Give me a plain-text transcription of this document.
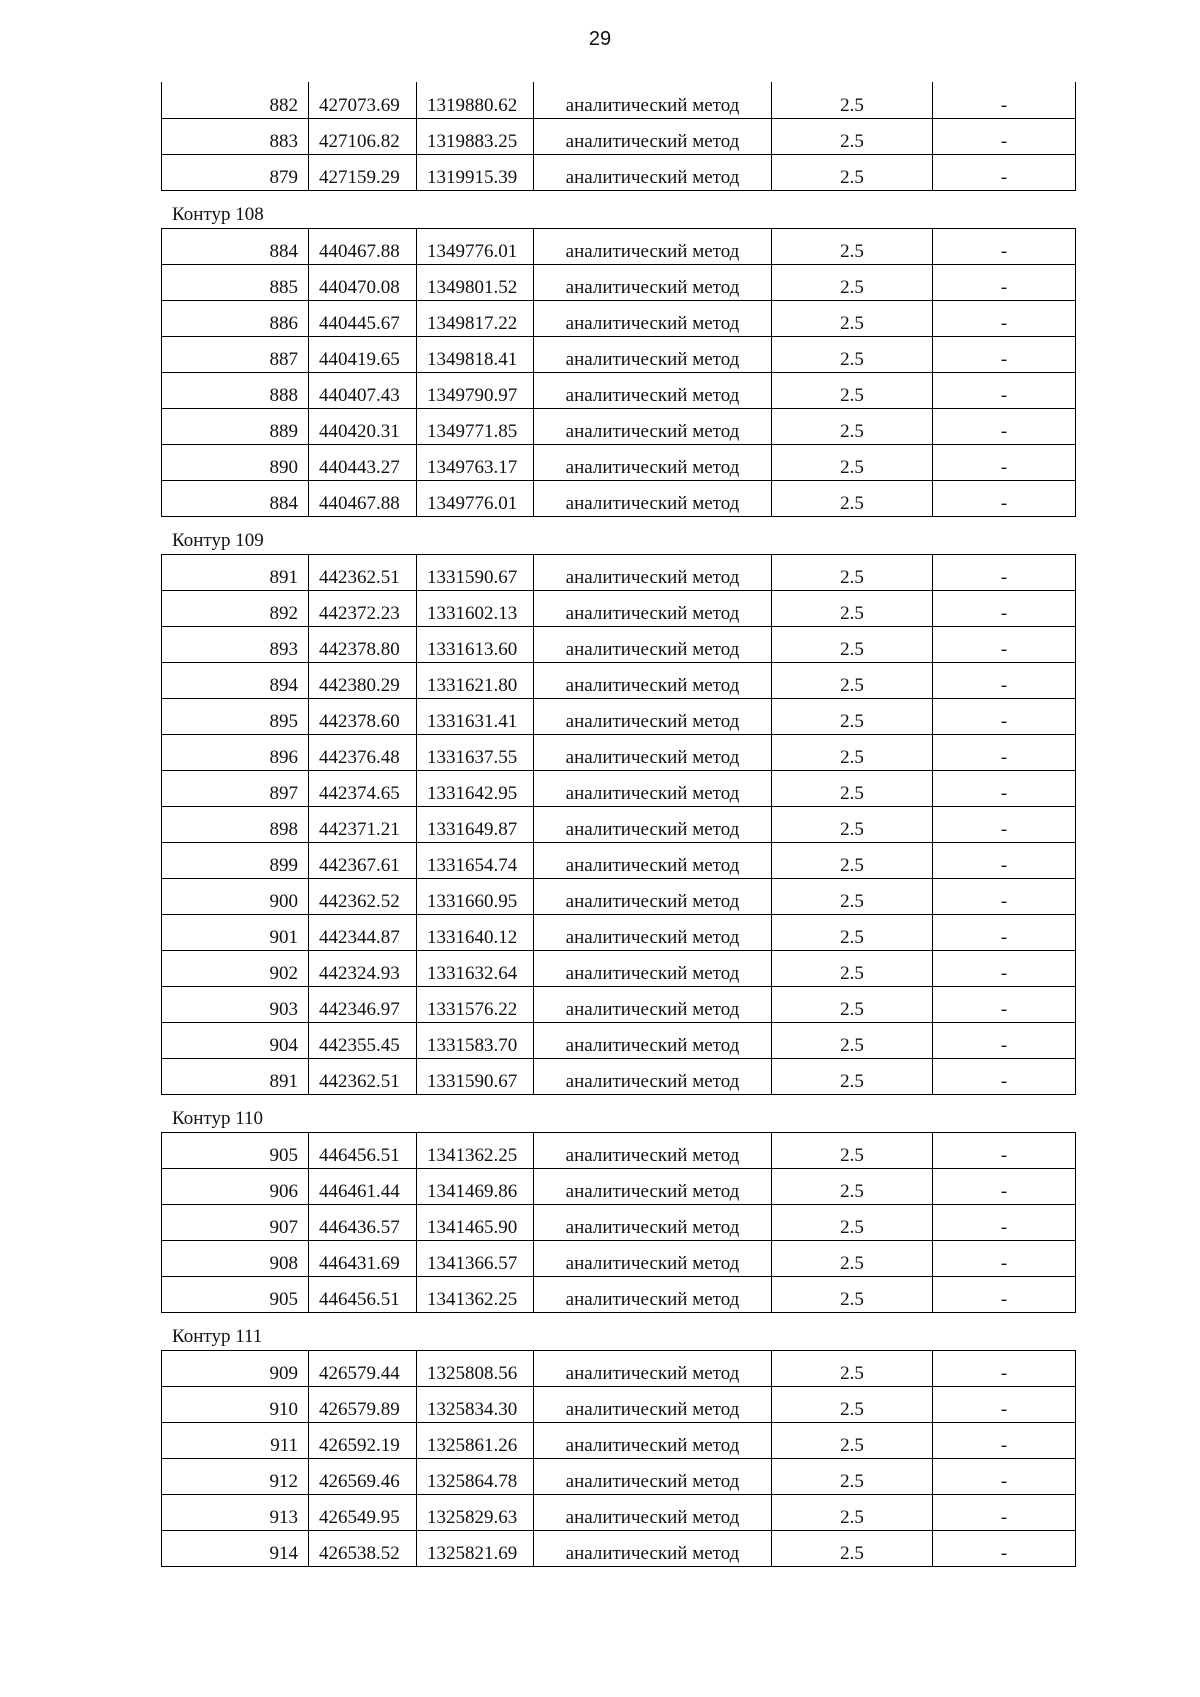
29
882	427073.69	1319880.62	аналитический метод	2.5	-
883	427106.82	1319883.25	аналитический метод	2.5	-
879	427159.29	1319915.39	аналитический метод	2.5	-
Контур 108
884	440467.88	1349776.01	аналитический метод	2.5	-
885	440470.08	1349801.52	аналитический метод	2.5	-
886	440445.67	1349817.22	аналитический метод	2.5	-
887	440419.65	1349818.41	аналитический метод	2.5	-
888	440407.43	1349790.97	аналитический метод	2.5	-
889	440420.31	1349771.85	аналитический метод	2.5	-
890	440443.27	1349763.17	аналитический метод	2.5	-
884	440467.88	1349776.01	аналитический метод	2.5	-
Контур 109
891	442362.51	1331590.67	аналитический метод	2.5	-
892	442372.23	1331602.13	аналитический метод	2.5	-
893	442378.80	1331613.60	аналитический метод	2.5	-
894	442380.29	1331621.80	аналитический метод	2.5	-
895	442378.60	1331631.41	аналитический метод	2.5	-
896	442376.48	1331637.55	аналитический метод	2.5	-
897	442374.65	1331642.95	аналитический метод	2.5	-
898	442371.21	1331649.87	аналитический метод	2.5	-
899	442367.61	1331654.74	аналитический метод	2.5	-
900	442362.52	1331660.95	аналитический метод	2.5	-
901	442344.87	1331640.12	аналитический метод	2.5	-
902	442324.93	1331632.64	аналитический метод	2.5	-
903	442346.97	1331576.22	аналитический метод	2.5	-
904	442355.45	1331583.70	аналитический метод	2.5	-
891	442362.51	1331590.67	аналитический метод	2.5	-
Контур 110
905	446456.51	1341362.25	аналитический метод	2.5	-
906	446461.44	1341469.86	аналитический метод	2.5	-
907	446436.57	1341465.90	аналитический метод	2.5	-
908	446431.69	1341366.57	аналитический метод	2.5	-
905	446456.51	1341362.25	аналитический метод	2.5	-
Контур 111
909	426579.44	1325808.56	аналитический метод	2.5	-
910	426579.89	1325834.30	аналитический метод	2.5	-
911	426592.19	1325861.26	аналитический метод	2.5	-
912	426569.46	1325864.78	аналитический метод	2.5	-
913	426549.95	1325829.63	аналитический метод	2.5	-
914	426538.52	1325821.69	аналитический метод	2.5	-
